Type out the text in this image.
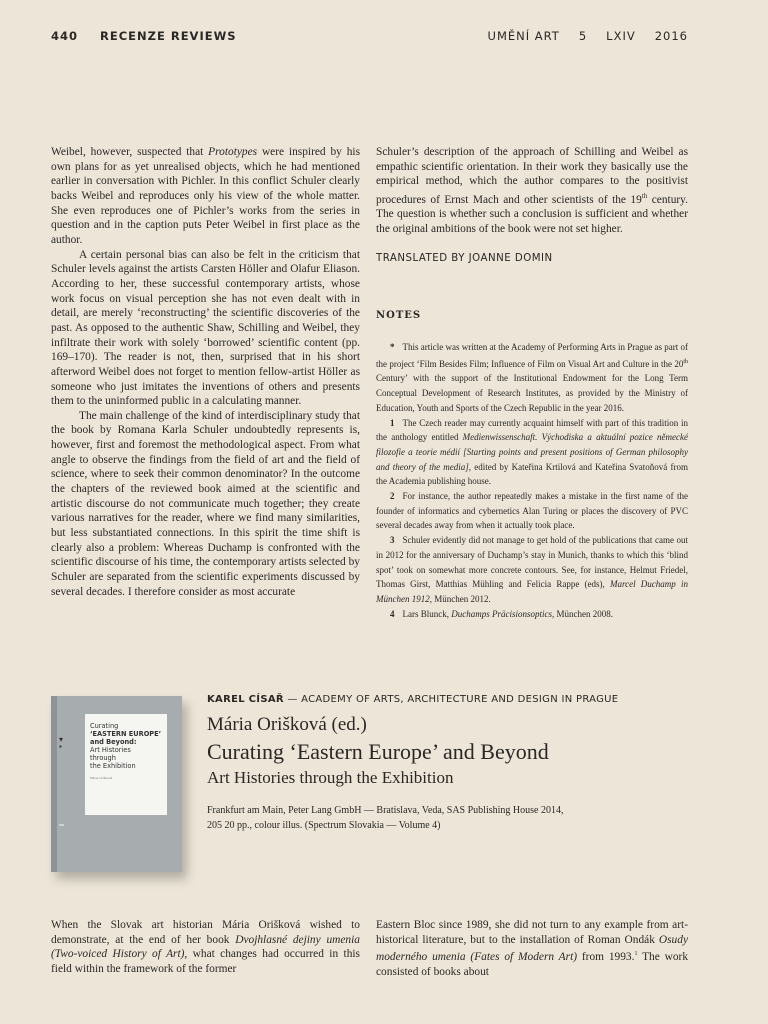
440 RECENZE REVIEWS	UMĚNÍ ART 5 LXIV 2016

Weibel, however, suspected that Prototypes were inspired by his own plans for as yet unrealised objects, which he had mentioned earlier in conversation with Pichler. In this conflict Schuler clearly backs Weibel and reproduces only his view of the whole matter. She even reproduces one of Pichler’s works from the series in question and in the caption puts Peter Weibel in first place as the author.

A certain personal bias can also be felt in the criticism that Schuler levels against the artists Carsten Höller and Olafur Eliason. According to her, these successful contemporary artists, whose work focus on visual perception she has not even dealt with in detail, are merely ‘reconstructing’ the scientific discoveries of the past. As opposed to the authentic Shaw, Schilling and Weibel, they infiltrate their work with solely ‘borrowed’ scientific content (pp. 169–170). The reader is not, then, surprised that in his short afterword Weibel does not forget to mention fellow-artist Höller as someone who just imitates the inventions of others and presents them to the uninformed public in a calculating manner.

The main challenge of the kind of interdisciplinary study that the book by Romana Karla Schuler undoubtedly represents is, however, first and foremost the methodological aspect. From what angle to observe the findings from the field of art and the field of science, where to seek their common denominator? In the outcome the chapters of the reviewed book aimed at the scientific and artistic discourse do not communicate much together; they create various narratives for the reader, where we find many similarities, but less substantiated connections. In this spirit the time shift is clearly also a problem: Whereas Duchamp is confronted with the scientific discourse of his time, the contemporary artists selected by Schuler are separated from the scientific experiments discussed by several decades. I therefore consider as most accurate

Schuler’s description of the approach of Schilling and Weibel as empathic scientific orientation. In their work they basically use the empirical method, which the author compares to the positivist procedures of Ernst Mach and other scientists of the 19th century. The question is whether such a conclusion is sufficient and whether the original ambitions of the book were not set higher.

TRANSLATED BY JOANNE DOMIN

NOTES

* This article was written at the Academy of Performing Arts in Prague as part of the project ‘Film Besides Film; Influence of Film on Visual Art and Culture in the 20th Century’ with the support of the Institutional Endowment for the Long Term Conceptual Development of Research Institutes, as provided by the Ministry of Education, Youth and Sports of the Czech Republic in the year 2016.

1 The Czech reader may currently acquaint himself with part of this tradition in the anthology entitled Medienwissenschaft. Východiska a aktuální pozice německé filozofie a teorie médií [Starting points and present positions of German philosophy and theory of the media], edited by Kateřina Krtilová and Kateřina Svatoňová from the Academia publishing house.

2 For instance, the author repeatedly makes a mistake in the first name of the founder of informatics and cybernetics Alan Turing or places the discovery of PVC several decades away from when it actually took place.

3 Schuler evidently did not manage to get hold of the publications that came out in 2012 for the anniversary of Duchamp’s stay in Munich, thanks to which this ‘blind spot’ took on somewhat more concrete contours. See, for instance, Helmut Friedel, Thomas Girst, Matthias Mühling and Felicia Rappe (eds), Marcel Duchamp in München 1912, München 2012.

4 Lars Blunck, Duchamps Präcisionsoptics, München 2008.

▾
▪
Curating
‘EASTERN EUROPE’
and Beyond:
Art Histories
through
the Exhibition
Mária Orišková
KAREL CÍSAŘ — ACADEMY OF ARTS, ARCHITECTURE AND DESIGN IN PRAGUE
Mária Orišková (ed.)
Curating ‘Eastern Europe’ and Beyond
Art Histories through the Exhibition
Frankfurt am Main, Peter Lang GmbH — Bratislava, Veda, SAS Publishing House 2014,
205 20 pp., colour illus. (Spectrum Slovakia — Volume 4)

When the Slovak art historian Mária Orišková wished to demonstrate, at the end of her book Dvojhlasné dejiny umenia (Two-voiced History of Art), what changes had occurred in this field within the framework of the former

Eastern Bloc since 1989, she did not turn to any example from art-historical literature, but to the installation of Roman Ondák Osudy moderného umenia (Fates of Modern Art) from 1993.$^1$ The work consisted of books about
